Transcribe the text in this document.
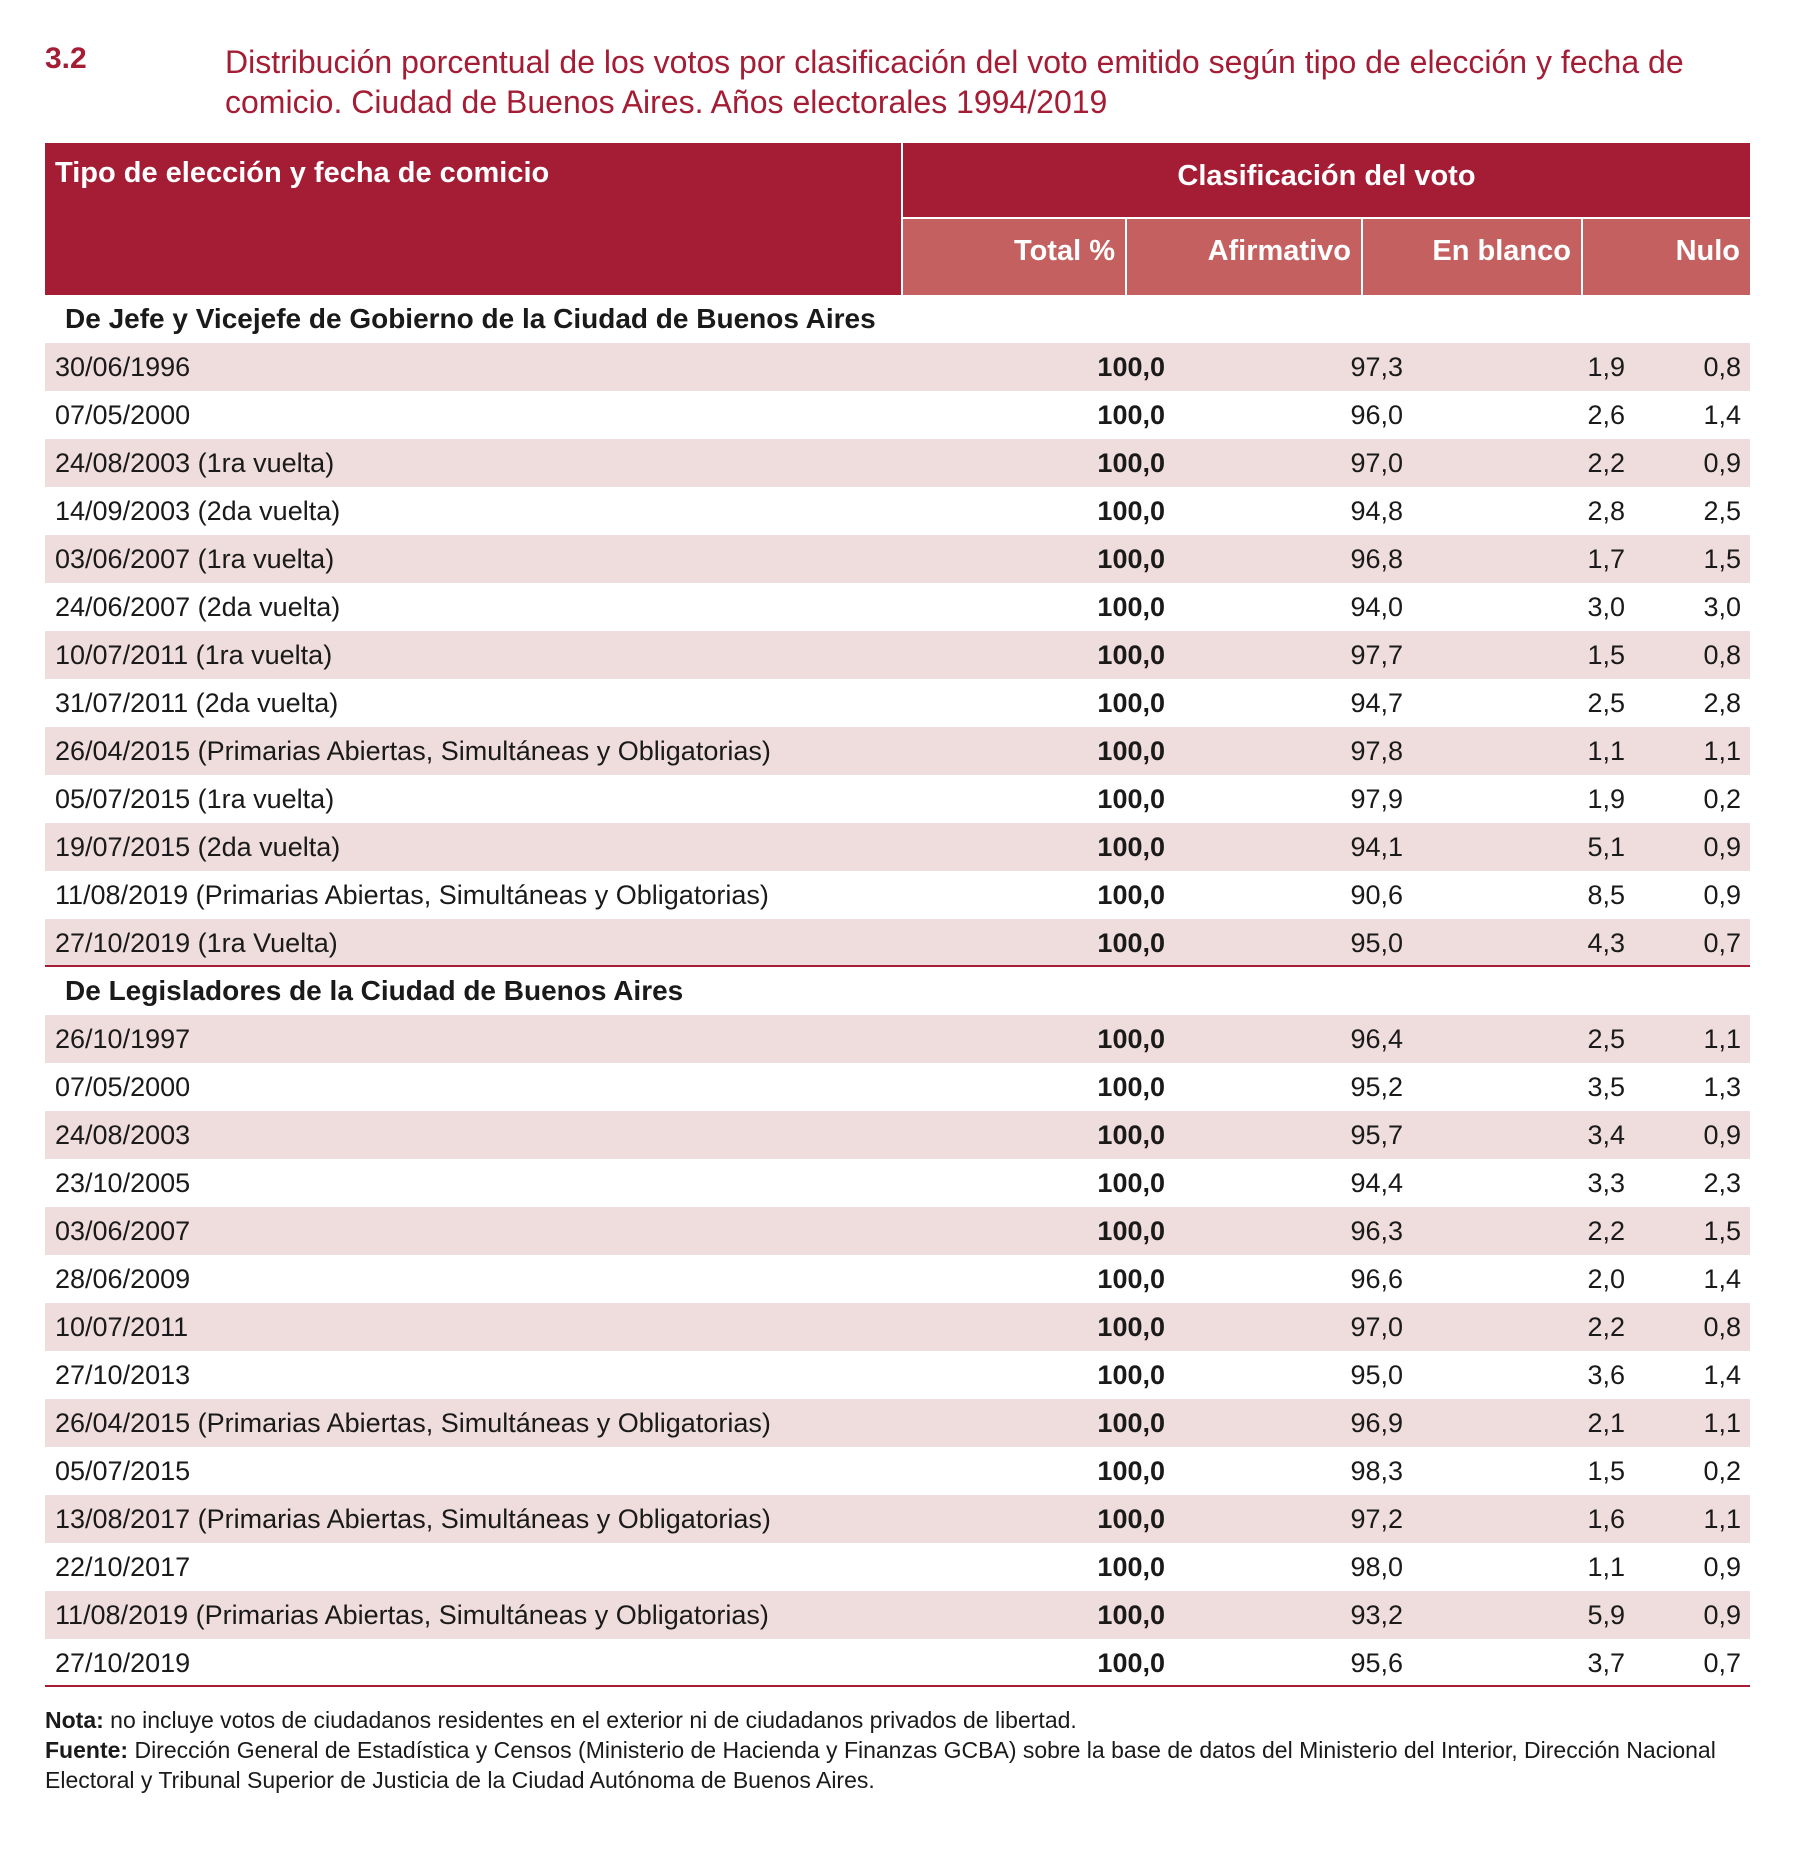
3.2	Distribución porcentual de los votos por clasificación del voto emitido según tipo de elección y fecha de comicio. Ciudad de Buenos Aires. Años electorales 1994/2019
Tipo de elección y fecha de comicio	Clasificación del voto
Total %	Afirmativo	En blanco	Nulo
De Jefe y Vicejefe de Gobierno de la Ciudad de Buenos Aires
30/06/1996	100,0	97,3	1,9	0,8
07/05/2000	100,0	96,0	2,6	1,4
24/08/2003 (1ra vuelta)	100,0	97,0	2,2	0,9
14/09/2003 (2da vuelta)	100,0	94,8	2,8	2,5
03/06/2007 (1ra vuelta)	100,0	96,8	1,7	1,5
24/06/2007 (2da vuelta)	100,0	94,0	3,0	3,0
10/07/2011 (1ra vuelta)	100,0	97,7	1,5	0,8
31/07/2011 (2da vuelta)	100,0	94,7	2,5	2,8
26/04/2015 (Primarias Abiertas, Simultáneas y Obligatorias)	100,0	97,8	1,1	1,1
05/07/2015 (1ra vuelta)	100,0	97,9	1,9	0,2
19/07/2015 (2da vuelta)	100,0	94,1	5,1	0,9
11/08/2019 (Primarias Abiertas, Simultáneas y Obligatorias)	100,0	90,6	8,5	0,9
27/10/2019 (1ra Vuelta)	100,0	95,0	4,3	0,7
De Legisladores de la Ciudad de Buenos Aires
26/10/1997	100,0	96,4	2,5	1,1
07/05/2000	100,0	95,2	3,5	1,3
24/08/2003	100,0	95,7	3,4	0,9
23/10/2005	100,0	94,4	3,3	2,3
03/06/2007	100,0	96,3	2,2	1,5
28/06/2009	100,0	96,6	2,0	1,4
10/07/2011	100,0	97,0	2,2	0,8
27/10/2013	100,0	95,0	3,6	1,4
26/04/2015 (Primarias Abiertas, Simultáneas y Obligatorias)	100,0	96,9	2,1	1,1
05/07/2015	100,0	98,3	1,5	0,2
13/08/2017 (Primarias Abiertas, Simultáneas y Obligatorias)	100,0	97,2	1,6	1,1
22/10/2017	100,0	98,0	1,1	0,9
11/08/2019 (Primarias Abiertas, Simultáneas y Obligatorias)	100,0	93,2	5,9	0,9
27/10/2019	100,0	95,6	3,7	0,7
Nota: no incluye votos de ciudadanos residentes en el exterior ni de ciudadanos privados de libertad.
Fuente: Dirección General de Estadística y Censos (Ministerio de Hacienda y Finanzas GCBA) sobre la base de datos del Ministerio del Interior, Dirección Nacional Electoral y Tribunal Superior de Justicia de la Ciudad Autónoma de Buenos Aires.
